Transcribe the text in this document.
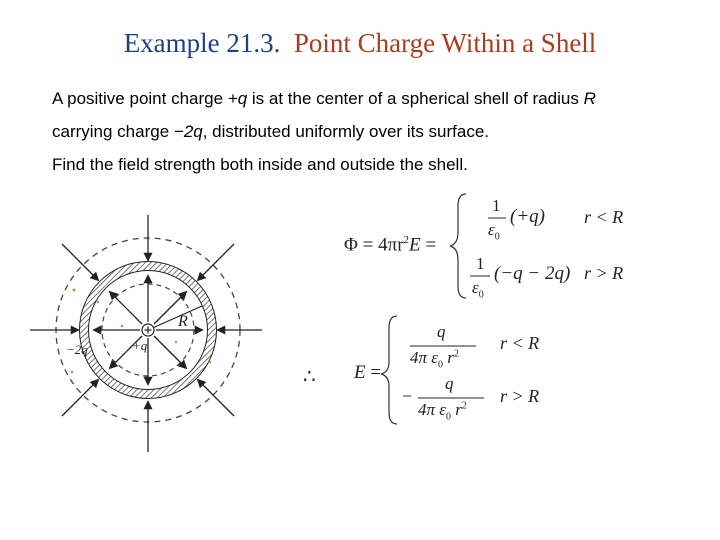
Example 21.3. Point Charge Within a Shell
A positive point charge +q is at the center of a spherical shell of radius R
carrying charge −2q, distributed uniformly over its surface.
Find the field strength both inside and outside the shell.
+q
−2q
R
$\Phi = 4\pi r^2E$ =
1
$\varepsilon_0$
(+q) r < R
1
$\varepsilon_0$
(−q − 2q) r > R
∴ E =
q
4π $\varepsilon_0$ $r^2$
r < R
−
q
4π $\varepsilon_0$ $r^2$ r > R
